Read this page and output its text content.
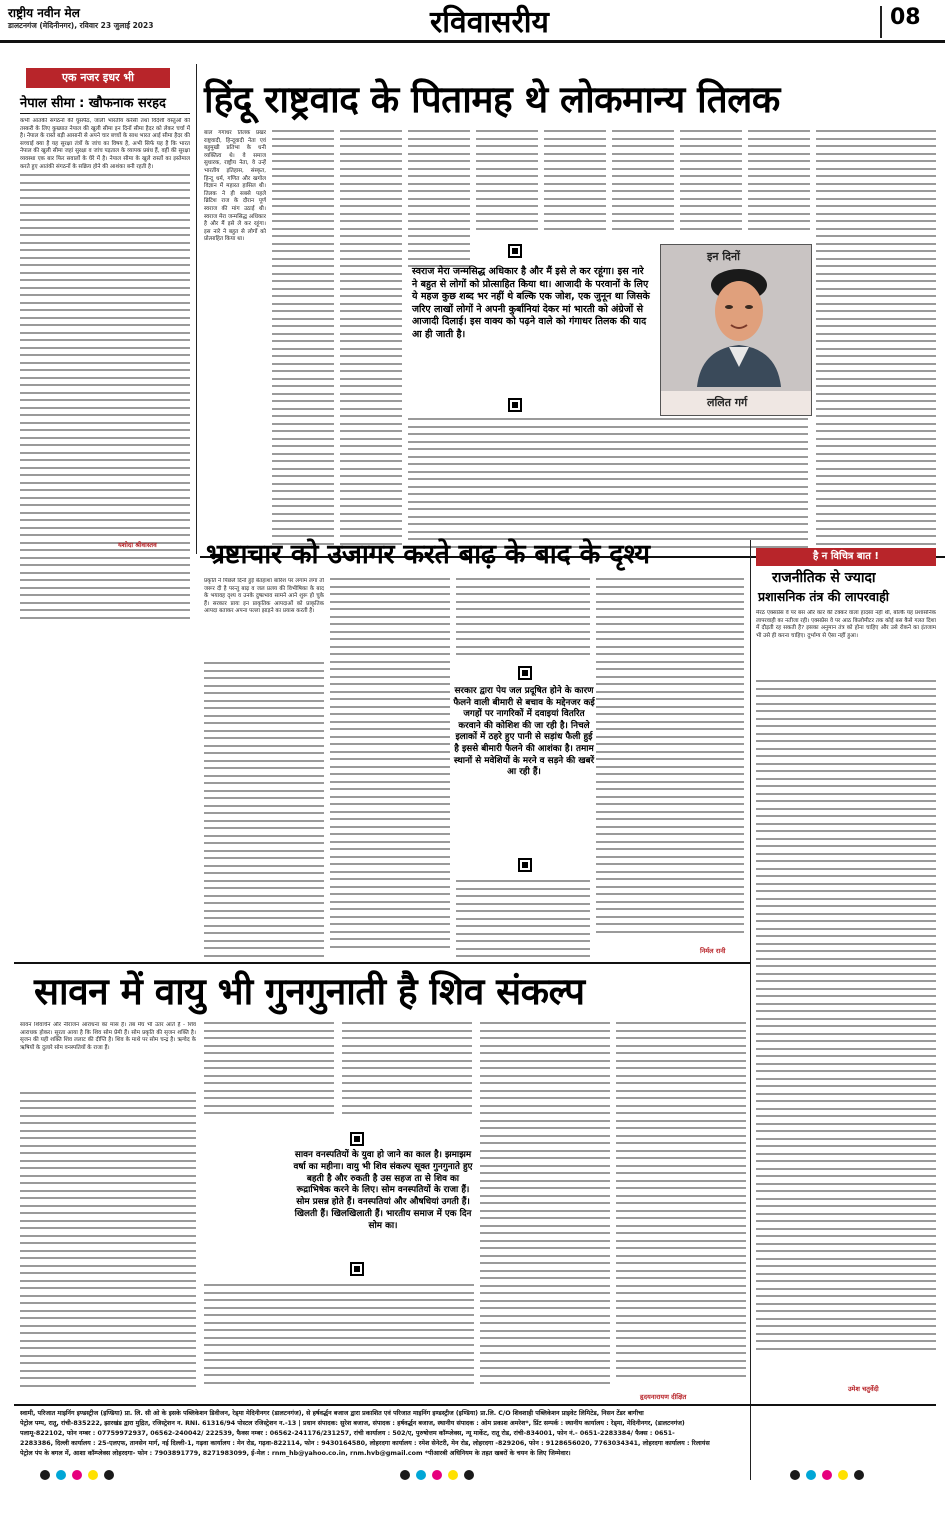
राष्ट्रीय नवीन मेल
डालटनगंज (मेदिनीनगर), रविवार 23 जुलाई 2023	रविवासरीय	08
एक नजर इधर भी
नेपाल सीमा : खौफनाक सरहद
कभी आतंकी संगठनों की घुसपैठ, जाली भारतीय करेंसी तथा विदेशी वस्तुओं की तस्करी के लिए कुख्यात नेपाल की खुली सीमा इन दिनों सीमा हैदर को लेकर चर्चा में है। नेपाल के रास्ते बड़ी आसानी से अपने चार बच्चों के साथ भारत आई सीमा हैदर की सच्चाई क्या है यह सुरक्षा तंत्रों के जांच का विषय है, अभी सिर्फ यह है कि भारत नेपाल की खुली सीमा जहां सुरक्षा व जांच पड़ताल के व्यापक प्रबंध हैं, वहीं की सुरक्षा व्यवस्था एक बार फिर सवालों के घेरे में है। नेपाल सीमा के खुले रास्तों का इस्तेमाल करते हुए आतंकी संगठनों के सक्रिय होने की आशंका बनी रहती है।
यशोदा श्रीवास्तव
हिंदू राष्ट्रवाद के पितामह थे लोकमान्य तिलक
बाल गंगाधर तिलक प्रखर राष्ट्रवादी, हिन्दूवादी नेता एवं बहुमुखी प्रतिभा के धनी व्यक्तित्व थे। वे समाज सुधारक, राष्ट्रीय नेता, वे उन्हें भारतीय इतिहास, संस्कृत, हिन्दू धर्म, गणित और खगोल विज्ञान में महारत हासिल थी। तिलक ने ही सबसे पहले ब्रिटिश राज के दौरान पूर्ण स्वराज की मांग उठाई थी। स्वराज मेरा जन्मसिद्ध अधिकार है और मैं इसे ले कर रहूंगा। इस नारे ने बहुत से लोगों को प्रोत्साहित किया था।
स्वराज मेरा जन्मसिद्ध अधिकार है और मैं इसे ले कर रहूंगा। इस नारे ने बहुत से लोगों को प्रोत्साहित किया था। आजादी के परवानों के लिए ये महज कुछ शब्द भर नहीं थे बल्कि एक जोश, एक जुनून था जिसके जरिए लाखों लोगों ने अपनी कुर्बानियां देकर मां भारती को अंग्रेजों से आजादी दिलाई। इस वाक्य को पढ़ने वाले को गंगाधर तिलक की याद आ ही जाती है।
इन दिनों
ललित गर्ग
भ्रष्टाचार को उजागर करते बाढ़ के बाद के दृश्य
प्रकृति ने पिछले दिनों हुई बेतहाशा बारिश पर लगाम लगा तो जरूर दी है परन्तु बाढ़ व जल प्रलय की विभीषिका के बाद के भयावह दृश्य व उनके दुष्प्रभाव सामने आने शुरू हो चुके हैं। सरकार प्रायः इन प्राकृतिक आपदाओं को प्राकृतिक आपदा बताकर अपना पल्ला झाड़ने का प्रयास करती है।
सरकार द्वारा पेय जल प्रदूषित होने के कारण फैलने वाली बीमारी से बचाव के मद्देनजर कई जगहों पर नागरिकों में दवाइयां वितरित करवाने की कोशिश की जा रही है। निचले इलाकों में ठहरे हुए पानी से सड़ांध फैली हुई है इससे बीमारी फैलने की आशंका है। तमाम स्थानों से मवेशियों के मरने व सड़ने की खबरें आ रही हैं।
निर्मल रानी
है न विचित्र बात !
राजनीतिक से ज्यादा
प्रशासनिक तंत्र की लापरवाही
मेरठ एक्सप्रेस वे पर बस और कार की टक्कर वाला हादसा नहीं थी, बल्कि यह प्रशासनिक लापरवाही का नतीजा रही। एक्सप्रेस वे पर आठ किलोमीटर तक कोई बस कैसे गलत दिशा में दौड़ती रह सकती है? इसका अनुमान तंत्र को होना चाहिए और उसे रोकने का इंतजाम भी उसे ही करना चाहिए। दुर्भाग्य से ऐसा नहीं हुआ।
उमेश चतुर्वेदी
सावन में वायु भी गुनगुनाती है शिव संकल्प
सावन शिवार्चन और नीराजन आराधना का मास है। तब मेघ भी उतर आते हैं - शिव आराधक होकर। सूरता आया है कि शिव सोम प्रेमी हैं। सोम प्रकृति की सृजन शक्ति है। सृजन की यही शक्ति शिव ललाट की दीप्ति है। शिव के माथे पर सोम चन्द्र है। ऋग्वेद के ऋषियों के दुलारे सोम वनस्पतियों के राजा हैं।
सावन वनस्पतियों के युवा हो जाने का काल है। झमाझम वर्षा का महीना। वायु भी शिव संकल्प सूक्त गुनगुनाते हुए बहती है और रुकती है उस सहज ता से शिव का रूद्राभिषेक करने के लिए। सोम वनस्पतियों के राजा हैं। सोम प्रसन्न होते हैं। वनस्पतियां और औषधियां उगती हैं। खिलती हैं। खिलखिलाती हैं। भारतीय समाज में एक दिन सोम का।
हृदयनारायण दीक्षित
स्वामी, परिजात माइनिंग इण्डस्ट्रीज (इण्डिया) प्रा. लि. सी ओ के इसके पब्लिकेशन डिवीजन, रेड्मा मेदिनीनगर (डालटनगंज), से हर्षवर्द्धन बजाज द्वारा प्रकाशित एवं परिजात माइनिंग इण्डस्ट्रीज (इण्डिया) प्रा.लि. C/O शिवशाही पब्लिकेशन प्राइवेट लिमिटेड, निसन टेंडर बागीचा
पेट्रोल पम्प, रातू, रांची-835222, झारखंड द्वारा मुद्रित, रजिस्ट्रेशन न. RNI. 61316/94 पोस्टल रजिस्ट्रेशन न.-13 | प्रधान संपादक: सुरेश बजाज, संपादक : हर्षवर्द्धन बजाज, स्थानीय संपादक : ओम प्रकाश अमरेश*, प्रिंट सम्पर्क : स्थानीय कार्यालय : रेड्मा, मेदिनीनगर, (डालटनगंज)
पलामू-822102, फोन नम्बर : 07759972937, 06562-240042/ 222539, फैक्स नम्बर : 06562-241176/231257, रांची कार्यालय : 502/ए, पुरुषोत्तम कॉम्प्लेक्स, न्यू मार्केट, रातू रोड, रांची-834001, फोन नं.- 0651-2283384/ फैक्स : 0651-
2283386, दिल्ली कार्यालय : 25-एलएफ, तानसेन मार्ग, नई दिल्ली-1, गढ़वा कार्यालय : मेन रोड, गढ़वा-822114, फोन : 9430164580, लोहरदगा कार्यालय : रमेश सेनेटरी, मेन रोड, लोहरदगा -829206, फोन : 9128656020, 7763034341, लोहरदगा कार्यालय : रिलायंस
पेट्रोल पंप के बगल में, आशा कॉम्प्लेक्स लोहरदगा- फोन : 7903891779, 8271983099, ई-मेल : rnm_hb@yahoo.co.in, rnm.hvb@gmail.com *पीआरबी अधिनियम के तहत खबरों के चयन के लिए जिम्मेवार।
